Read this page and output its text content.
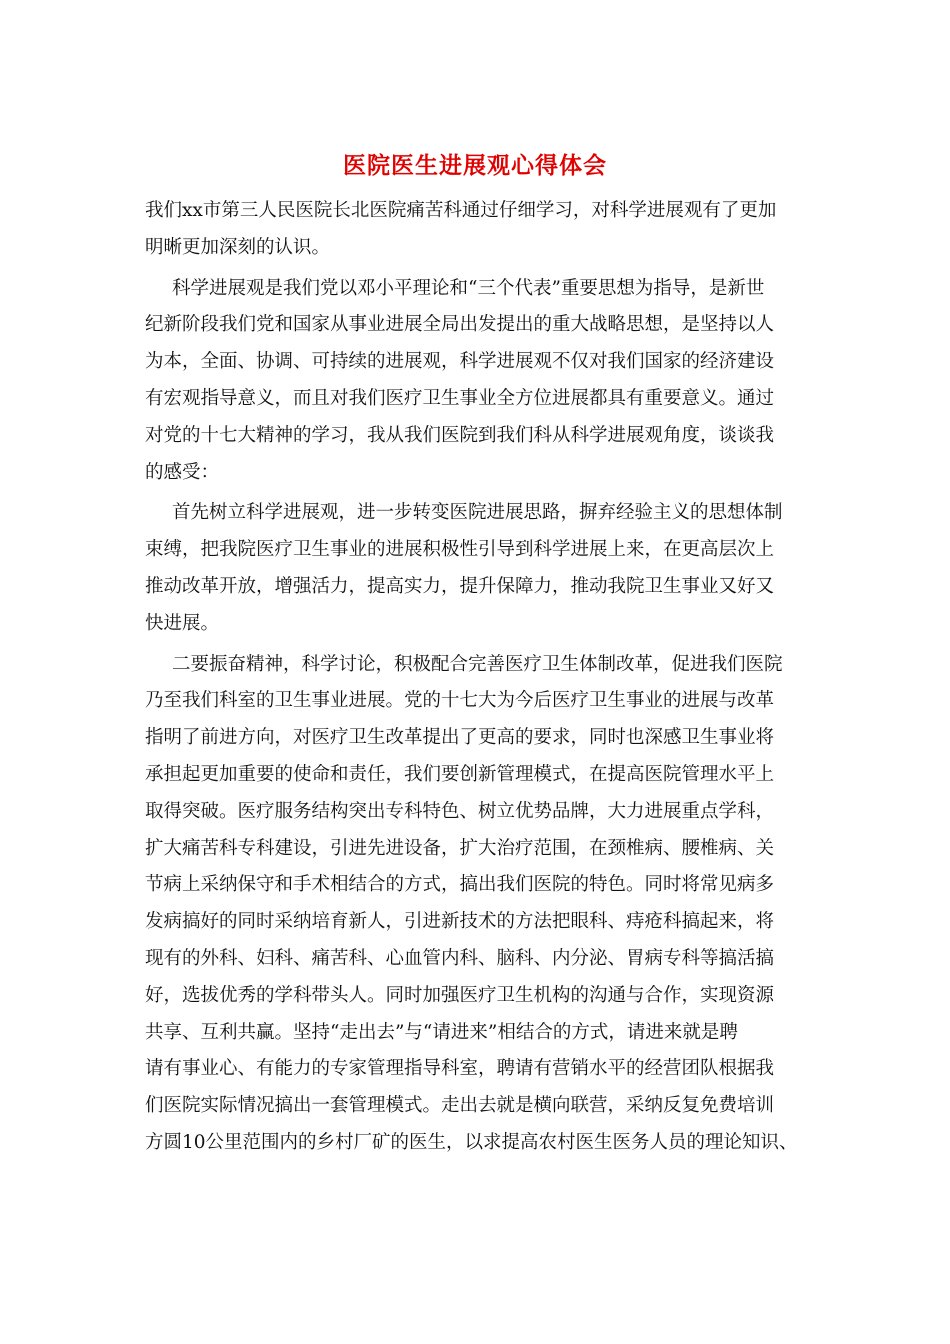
医院医生进展观心得体会
我们xx市第三人民医院长北医院痛苦科通过仔细学习，对科学进展观有了更加
明晰更加深刻的认识。
科学进展观是我们党以邓小平理论和“三个代表”重要思想为指导，是新世
纪新阶段我们党和国家从事业进展全局出发提出的重大战略思想，是坚持以人
为本，全面、协调、可持续的进展观，科学进展观不仅对我们国家的经济建设
有宏观指导意义，而且对我们医疗卫生事业全方位进展都具有重要意义。通过
对党的十七大精神的学习，我从我们医院到我们科从科学进展观角度，谈谈我
的感受：
首先树立科学进展观，进一步转变医院进展思路，摒弃经验主义的思想体制
束缚，把我院医疗卫生事业的进展积极性引导到科学进展上来，在更高层次上
推动改革开放，增强活力，提高实力，提升保障力，推动我院卫生事业又好又
快进展。
二要振奋精神，科学讨论，积极配合完善医疗卫生体制改革，促进我们医院
乃至我们科室的卫生事业进展。党的十七大为今后医疗卫生事业的进展与改革
指明了前进方向，对医疗卫生改革提出了更高的要求，同时也深感卫生事业将
承担起更加重要的使命和责任，我们要创新管理模式，在提高医院管理水平上
取得突破。医疗服务结构突出专科特色、树立优势品牌，大力进展重点学科，
扩大痛苦科专科建设，引进先进设备，扩大治疗范围，在颈椎病、腰椎病、关
节病上采纳保守和手术相结合的方式，搞出我们医院的特色。同时将常见病多
发病搞好的同时采纳培育新人，引进新技术的方法把眼科、痔疮科搞起来，将
现有的外科、妇科、痛苦科、心血管内科、脑科、内分泌、胃病专科等搞活搞
好，选拔优秀的学科带头人。同时加强医疗卫生机构的沟通与合作，实现资源
共享、互利共赢。坚持“走出去”与“请进来”相结合的方式，请进来就是聘
请有事业心、有能力的专家管理指导科室，聘请有营销水平的经营团队根据我
们医院实际情况搞出一套管理模式。走出去就是横向联营，采纳反复免费培训
方圆10公里范围内的乡村厂矿的医生，以求提高农村医生医务人员的理论知识、
